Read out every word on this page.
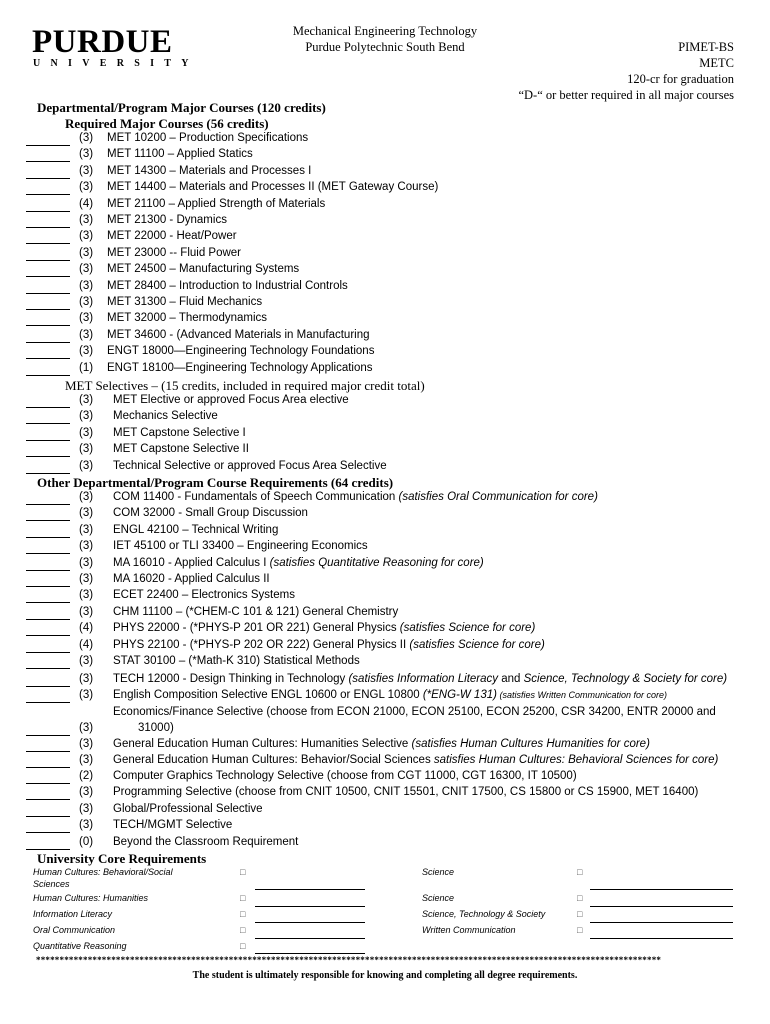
PURDUE
UNIVERSITY
Mechanical Engineering Technology
Purdue Polytechnic South Bend	PIMET-BS
METC
120-cr for graduation
“D-“ or better required in all major courses
Departmental/Program Major Courses (120 credits)
Required Major Courses (56 credits)
(3) MET 10200 – Production Specifications
(3) MET 11100 – Applied Statics
(3) MET 14300 – Materials and Processes I
(3) MET 14400 – Materials and Processes II (MET Gateway Course)
(4) MET 21100 – Applied Strength of Materials
(3) MET 21300 - Dynamics
(3) MET 22000 - Heat/Power
(3) MET 23000 -- Fluid Power
(3) MET 24500 – Manufacturing Systems
(3) MET 28400 – Introduction to Industrial Controls
(3) MET 31300 – Fluid Mechanics
(3) MET 32000 – Thermodynamics
(3) MET 34600 - (Advanced Materials in Manufacturing
(3) ENGT 18000—Engineering Technology Foundations
(1) ENGT 18100—Engineering Technology Applications
MET Selectives – (15 credits, included in required major credit total)
(3) MET Elective or approved Focus Area elective
(3) Mechanics Selective
(3) MET Capstone Selective I
(3) MET Capstone Selective II
(3) Technical Selective or approved Focus Area Selective
Other Departmental/Program Course Requirements (64 credits)
(3) COM 11400 - Fundamentals of Speech Communication (satisfies Oral Communication for core)
(3) COM 32000 - Small Group Discussion
(3) ENGL 42100 – Technical Writing
(3) IET 45100 or TLI 33400 – Engineering Economics
(3) MA 16010 - Applied Calculus I (satisfies Quantitative Reasoning for core)
(3) MA 16020 - Applied Calculus II
(3) ECET 22400 – Electronics Systems
(3) CHM 11100 – (*CHEM-C 101 & 121) General Chemistry
(4) PHYS 22000 - (*PHYS-P 201 OR 221) General Physics (satisfies Science for core)
(4) PHYS 22100 - (*PHYS-P 202 OR 222) General Physics II (satisfies Science for core)
(3) STAT 30100 – (*Math-K 310) Statistical Methods
(3) TECH 12000 - Design Thinking in Technology (satisfies Information Literacy and Science, Technology & Society for core)
(3) English Composition Selective ENGL 10600 or ENGL 10800 (*ENG-W 131) (satisfies Written Communication for core)
Economics/Finance Selective (choose from ECON 21000, ECON 25100, ECON 25200, CSR 34200, ENTR 20000 and
(3)	31000)
(3) General Education Human Cultures: Humanities Selective (satisfies Human Cultures Humanities for core)
(3) General Education Human Cultures: Behavior/Social Sciences satisfies Human Cultures: Behavioral Sciences for core)
(2) Computer Graphics Technology Selective (choose from CGT 11000, CGT 16300, IT 10500)
(3) Programming Selective (choose from CNIT 10500, CNIT 15501, CNIT 17500, CS 15800 or CS 15900, MET 16400)
(3) Global/Professional Selective
(3) TECH/MGMT Selective
(0) Beyond the Classroom Requirement
University Core Requirements
Human Cultures: Behavioral/Social
Sciences
Human Cultures: Humanities
Information Literacy
Oral Communication
Quantitative Reasoning
□
□
□
□
□
Science
Science
Science, Technology & Society
Written Communication
□
□
□
□
*************************************************************************************************************************************
The student is ultimately responsible for knowing and completing all degree requirements.
